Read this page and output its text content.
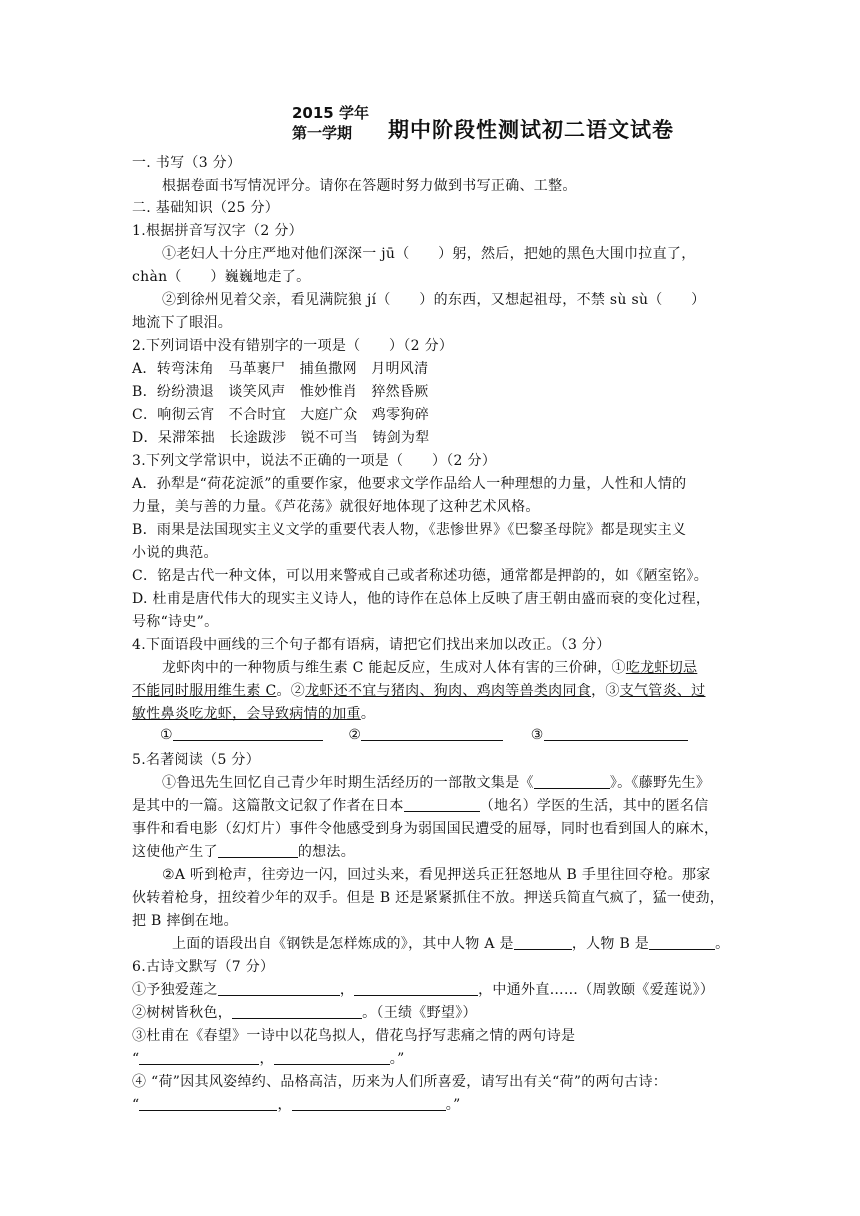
2015 学年
第一学期 期中阶段性测试初二语文试卷
一. 书写（3 分）
根据卷面书写情况评分。请你在答题时努力做到书写正确、工整。
二. 基础知识（25 分）
1.根据拼音写汉字（2 分）
①老妇人十分庄严地对他们深深一 jū（　　）躬，然后，把她的黑色大围巾拉直了，
chàn（　　）巍巍地走了。
②到徐州见着父亲，看见满院狼 jí（　　）的东西，又想起祖母，不禁 sù sù（　　）
地流下了眼泪。
2.下列词语中没有错别字的一项是（　　）（2 分）
A．转弯沫角　马革裹尸　捕鱼撒网　月明风清
B．纷纷溃退　谈笑风声　惟妙惟肖　猝然昏厥
C．响彻云宵　不合时宜　大庭广众　鸡零狗碎
D．呆滞笨拙　长途跋涉　锐不可当　铸剑为犁
3.下列文学常识中，说法不正确的一项是（　　）（2 分）
A．孙犁是“荷花淀派”的重要作家，他要求文学作品给人一种理想的力量，人性和人情的
力量，美与善的力量。《芦花荡》就很好地体现了这种艺术风格。
B．雨果是法国现实主义文学的重要代表人物，《悲惨世界》《巴黎圣母院》都是现实主义
小说的典范。
C．铭是古代一种文体，可以用来警戒自己或者称述功德，通常都是押韵的，如《陋室铭》。
D. 杜甫是唐代伟大的现实主义诗人，他的诗作在总体上反映了唐王朝由盛而衰的变化过程，
号称“诗史”。
4.下面语段中画线的三个句子都有语病，请把它们找出来加以改正。（3 分）
龙虾肉中的一种物质与维生素 C 能起反应，生成对人体有害的三价砷，①吃龙虾切忌
不能同时服用维生素 C。②龙虾还不宜与猪肉、狗肉、鸡肉等兽类肉同食，③支气管炎、过
敏性鼻炎吃龙虾，会导致病情的加重。
①	②	③
5.名著阅读（5 分）
①鲁迅先生回忆自己青少年时期生活经历的一部散文集是《	》。《藤野先生》
是其中的一篇。这篇散文记叙了作者在日本	（地名）学医的生活，其中的匿名信
事件和看电影（幻灯片）事件令他感受到身为弱国国民遭受的屈辱，同时也看到国人的麻木，
这使他产生了	的想法。
②A 听到枪声，往旁边一闪，回过头来，看见押送兵正狂怒地从 B 手里往回夺枪。那家
伙转着枪身，扭绞着少年的双手。但是 B 还是紧紧抓住不放。押送兵简直气疯了，猛一使劲，
把 B 摔倒在地。
上面的语段出自《钢铁是怎样炼成的》，其中人物 A 是	，人物 B 是	。
6.古诗文默写（7 分）
①予独爱莲之	，	，中通外直……（周敦颐《爱莲说》）
②树树皆秋色，	。（王绩《野望》）
③杜甫在《春望》一诗中以花鸟拟人，借花鸟抒写悲痛之情的两句诗是
“	，	。”
④ “荷”因其风姿绰约、品格高洁，历来为人们所喜爱，请写出有关“荷”的两句古诗：
“	，	。”
